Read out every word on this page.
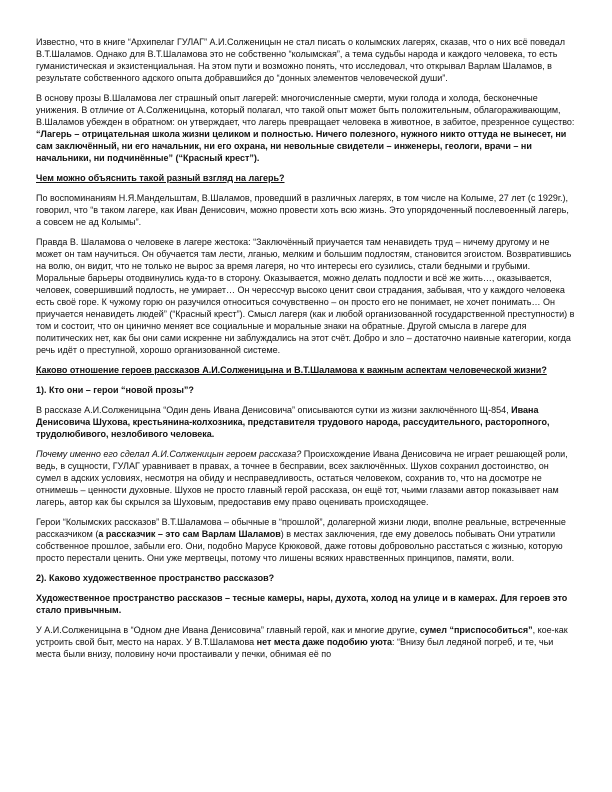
Известно, что в книге “Архипелаг ГУЛАГ” А.И.Солженицын не стал писать о колымских лагерях, сказав, что о них всё поведал В.Т.Шаламов. Однако для В.Т.Шаламова это не собственно “колымская”, а тема судьбы народа и каждого человека, то есть гуманистическая и экзистенциальная. На этом пути и возможно понять, что исследовал, что открывал Варлам Шаламов, в результате собственного адского опыта добравшийся до “донных элементов человеческой души”.

В основу прозы В.Шаламова лег страшный опыт лагерей: многочисленные смерти, муки голода и холода, бесконечные унижения. В отличие от А.Солженицына, который полагал, что такой опыт может быть положительным, облагораживающим, В.Шаламов убежден в обратном: он утверждает, что лагерь превращает человека в животное, в забитое, презренное существо: “Лагерь – отрицательная школа жизни целиком и полностью. Ничего полезного, нужного никто оттуда не вынесет, ни сам заключённый, ни его начальник, ни его охрана, ни невольные свидетели – инженеры, геологи, врачи – ни начальники, ни подчинённые” (“Красный крест”).

Чем можно объяснить такой разный взгляд на лагерь?

По воспоминаниям Н.Я.Мандельштам, В.Шаламов, проведший в различных лагерях, в том числе на Колыме, 27 лет (с 1929г.), говорил, что “в таком лагере, как Иван Денисович, можно провести хоть всю жизнь. Это упорядоченный послевоенный лагерь, а совсем не ад Колымы”.

Правда В. Шаламова о человеке в лагере жестока: “Заключённый приучается там ненавидеть труд – ничему другому и не может он там научиться. Он обучается там лести, лганью, мелким и большим подлостям, становится эгоистом. Возвратившись на волю, он видит, что не только не вырос за время лагеря, но что интересы его сузились, стали бедными и грубыми. Моральные барьеры отодвинулись куда-то в сторону. Оказывается, можно делать подлости и всё же жить…, оказывается, человек, совершивший подлость, не умирает… Он черессчур высоко ценит свои страдания, забывая, что у каждого человека есть своё горе. К чужому горю он разучился относиться сочувственно – он просто его не понимает, не хочет понимать… Он приучается ненавидеть людей” (“Красный крест”). Смысл лагеря (как и любой организованной государственной преступности) в том и состоит, что он цинично меняет все социальные и моральные знаки на обратные. Другой смысла в лагере для политических нет, как бы они сами искренне ни заблуждались на этот счёт. Добро и зло – достаточно наивные категории, когда речь идёт о преступной, хорошо организованной системе.

Каково отношение героев рассказов А.И.Солженицына и В.Т.Шаламова к важным аспектам человеческой жизни?

1). Кто они – герои “новой прозы”?

В рассказе А.И.Солженицына “Один день Ивана Денисовича” описываются сутки из жизни заключённого Щ-854, Ивана Денисовича Шухова, крестьянина-колхозника, представителя трудового народа, рассудительного, расторопного, трудолюбивого, незлобивого человека.

Почему именно его сделал А.И.Солженицын героем рассказа? Происхождение Ивана Денисовича не играет решающей роли, ведь, в сущности, ГУЛАГ уравнивает в правах, а точнее в бесправии, всех заключённых. Шухов сохранил достоинство, он сумел в адских условиях, несмотря на обиду и несправедливость, остаться человеком, сохранив то, что на досмотре не отнимешь – ценности духовные. Шухов не просто главный герой рассказа, он ещё тот, чьими глазами автор показывает нам лагерь, автор как бы скрылся за Шуховым, предоставив ему право оценивать происходящее.

Герои “Колымских рассказов” В.Т.Шаламова – обычные в “прошлой”, долагерной жизни люди, вполне реальные, встреченные рассказчиком (а рассказчик – это сам Варлам Шаламов) в местах заключения, где ему довелось побывать Они утратили собственное прошлое, забыли его. Они, подобно Марусе Крюковой, даже готовы добровольно расстаться с жизнью, которую просто перестали ценить. Они уже мертвецы, потому что лишены всяких нравственных принципов, памяти, воли.

2). Каково художественное пространство рассказов?

Художественное пространство рассказов – тесные камеры, нары, духота, холод на улице и в камерах. Для героев это стало привычным.

У А.И.Солженицына в “Одном дне Ивана Денисовича” главный герой, как и многие другие, сумел “приспособиться”, кое-как устроить свой быт, место на нарах. У В.Т.Шаламова нет места даже подобию уюта: “Внизу был ледяной погреб, и те, чьи места были внизу, половину ночи простаивали у печки, обнимая её по
